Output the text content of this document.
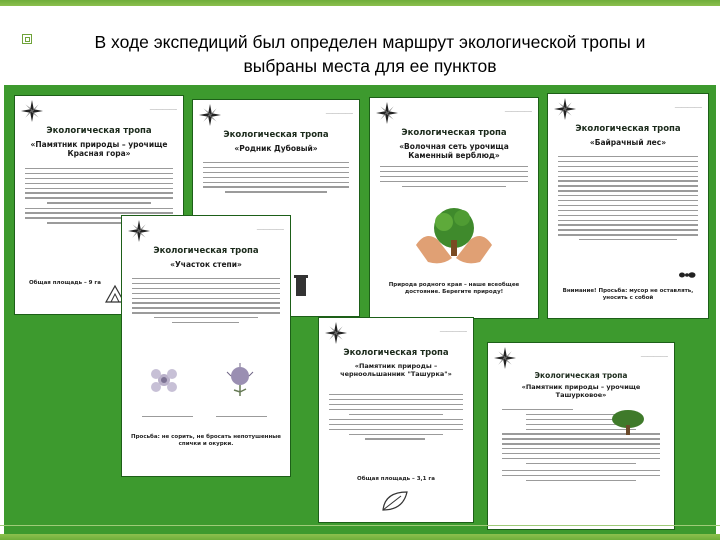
В ходе экспедиций был определен маршрут экологической тропы и выбраны места для ее пунктов
_________________
Экологическая тропа
«Памятник природы – урочище Красная гора»
Общая площадь – 9 га
_________________
Экологическая тропа
«Родник Дубовый»
_________________
Экологическая тропа
«Волочная сеть урочища Каменный верблюд»
Природа родного края – наше всеобщее достояние. Берегите природу!
_________________
Экологическая тропа
«Байрачный лес»
Внимание! Просьба: мусор не оставлять, уносить с собой
_________________
Экологическая тропа
«Участок степи»
Просьба: не сорить, не бросать непотушенные спички и окурки.
_________________
Экологическая тропа
«Памятник природы – черноольшанник "Ташурка"»
Общая площадь – 3,1 га
_________________
Экологическая тропа
«Памятник природы – урочище Ташурковое»
